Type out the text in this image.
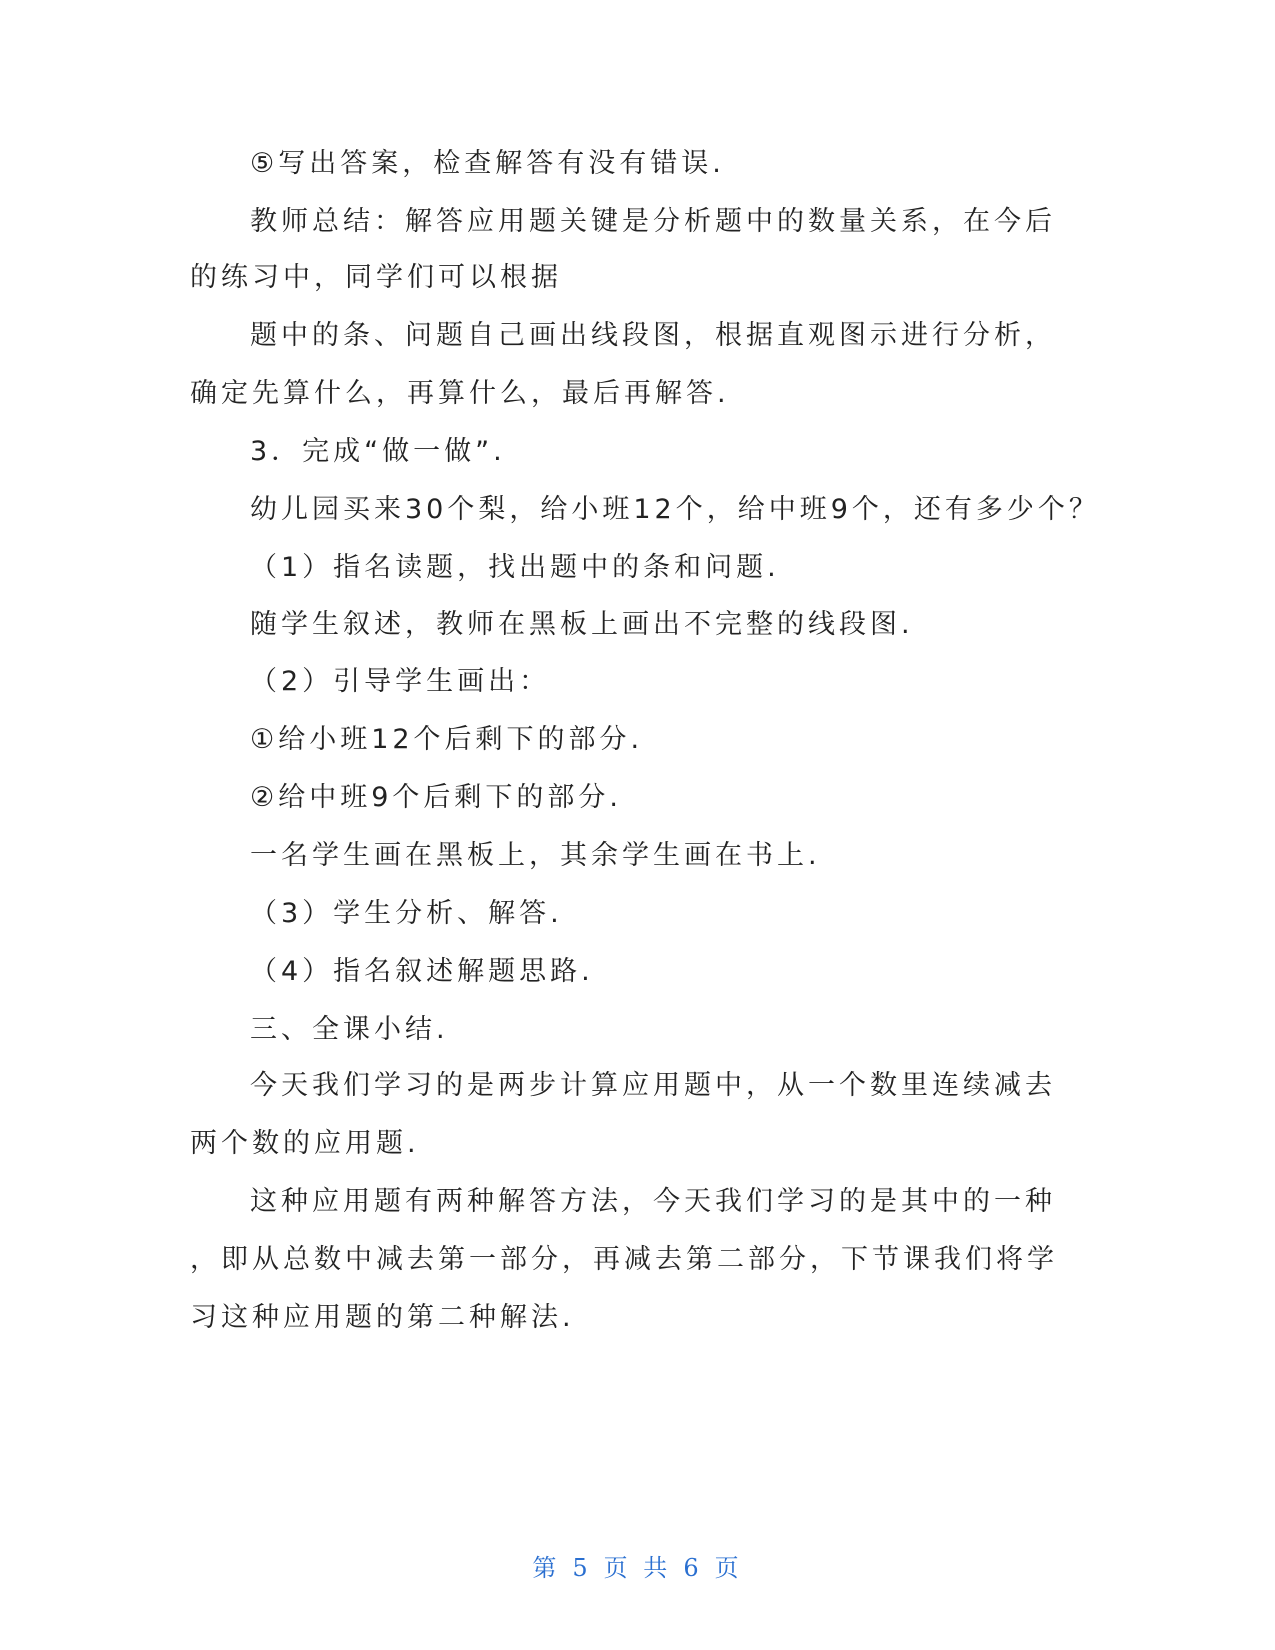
⑤写出答案，检查解答有没有错误.
教师总结：解答应用题关键是分析题中的数量关系，在今后
的练习中，同学们可以根据
题中的条、问题自己画出线段图，根据直观图示进行分析，
确定先算什么，再算什么，最后再解答.
3．完成“做一做”.
幼儿园买来30个梨，给小班12个，给中班9个，还有多少个？
（1）指名读题，找出题中的条和问题.
随学生叙述，教师在黑板上画出不完整的线段图.
（2）引导学生画出：
①给小班12个后剩下的部分.
②给中班9个后剩下的部分.
一名学生画在黑板上，其余学生画在书上.
（3）学生分析、解答.
（4）指名叙述解题思路.
三、全课小结.
今天我们学习的是两步计算应用题中，从一个数里连续减去
两个数的应用题.
这种应用题有两种解答方法，今天我们学习的是其中的一种
，即从总数中减去第一部分，再减去第二部分，下节课我们将学
习这种应用题的第二种解法.
第 5 页 共 6 页
